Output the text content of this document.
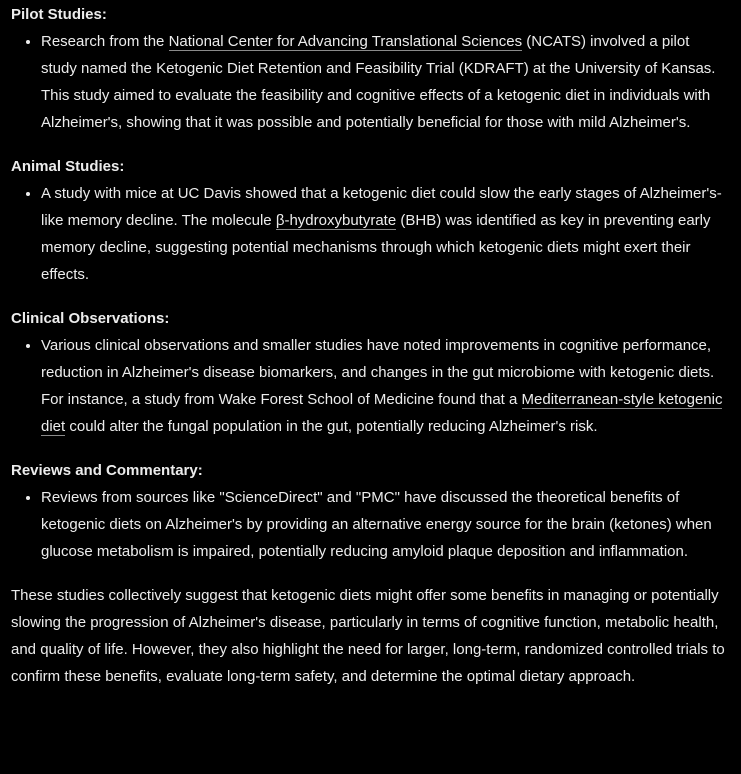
Pilot Studies:

• Research from the National Center for Advancing Translational Sciences (NCATS) involved a pilot study named the Ketogenic Diet Retention and Feasibility Trial (KDRAFT) at the University of Kansas. This study aimed to evaluate the feasibility and cognitive effects of a ketogenic diet in individuals with Alzheimer's, showing that it was possible and potentially beneficial for those with mild Alzheimer's.

Animal Studies:

• A study with mice at UC Davis showed that a ketogenic diet could slow the early stages of Alzheimer's-like memory decline. The molecule β-hydroxybutyrate (BHB) was identified as key in preventing early memory decline, suggesting potential mechanisms through which ketogenic diets might exert their effects.

Clinical Observations:

• Various clinical observations and smaller studies have noted improvements in cognitive performance, reduction in Alzheimer's disease biomarkers, and changes in the gut microbiome with ketogenic diets. For instance, a study from Wake Forest School of Medicine found that a Mediterranean-style ketogenic diet could alter the fungal population in the gut, potentially reducing Alzheimer's risk.

Reviews and Commentary:

• Reviews from sources like "ScienceDirect" and "PMC" have discussed the theoretical benefits of ketogenic diets on Alzheimer's by providing an alternative energy source for the brain (ketones) when glucose metabolism is impaired, potentially reducing amyloid plaque deposition and inflammation.

These studies collectively suggest that ketogenic diets might offer some benefits in managing or potentially slowing the progression of Alzheimer's disease, particularly in terms of cognitive function, metabolic health, and quality of life. However, they also highlight the need for larger, long-term, randomized controlled trials to confirm these benefits, evaluate long-term safety, and determine the optimal dietary approach.
